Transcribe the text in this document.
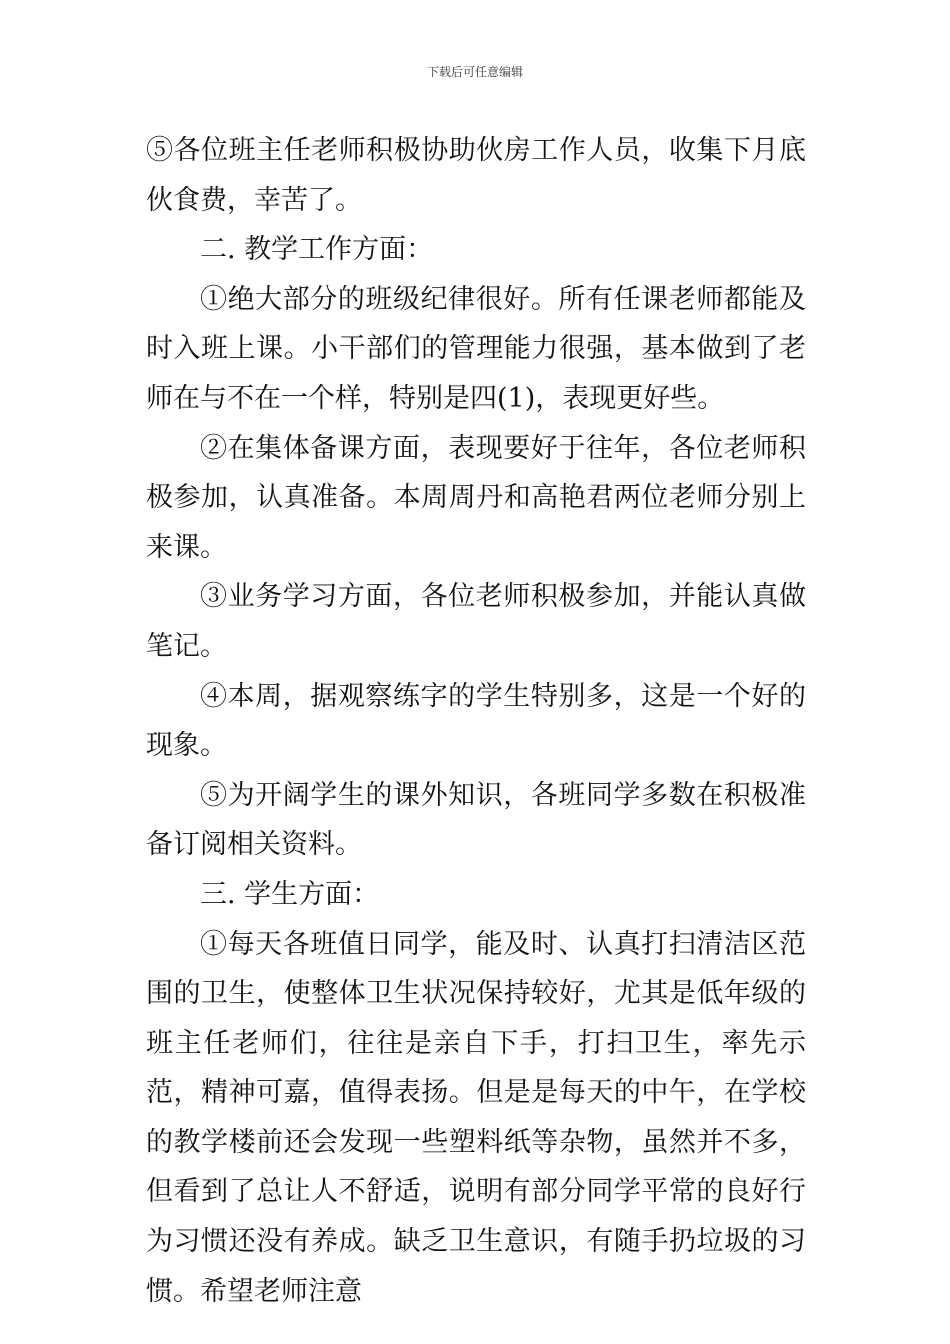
下载后可任意编辑

⑤各位班主任老师积极协助伙房工作人员，收集下月底伙食费，幸苦了。

二. 教学工作方面：

①绝大部分的班级纪律很好。所有任课老师都能及时入班上课。小干部们的管理能力很强，基本做到了老师在与不在一个样，特别是四(1)，表现更好些。

②在集体备课方面，表现要好于往年，各位老师积极参加，认真准备。本周周丹和高艳君两位老师分别上来课。

③业务学习方面，各位老师积极参加，并能认真做笔记。

④本周，据观察练字的学生特别多，这是一个好的现象。

⑤为开阔学生的课外知识，各班同学多数在积极准备订阅相关资料。

三. 学生方面：

①每天各班值日同学，能及时、认真打扫清洁区范围的卫生，使整体卫生状况保持较好，尤其是低年级的班主任老师们，往往是亲自下手，打扫卫生，率先示范，精神可嘉，值得表扬。但是是每天的中午，在学校的教学楼前还会发现一些塑料纸等杂物，虽然并不多，但看到了总让人不舒适，说明有部分同学平常的良好行为习惯还没有养成。缺乏卫生意识，有随手扔垃圾的习惯。希望老师注意
